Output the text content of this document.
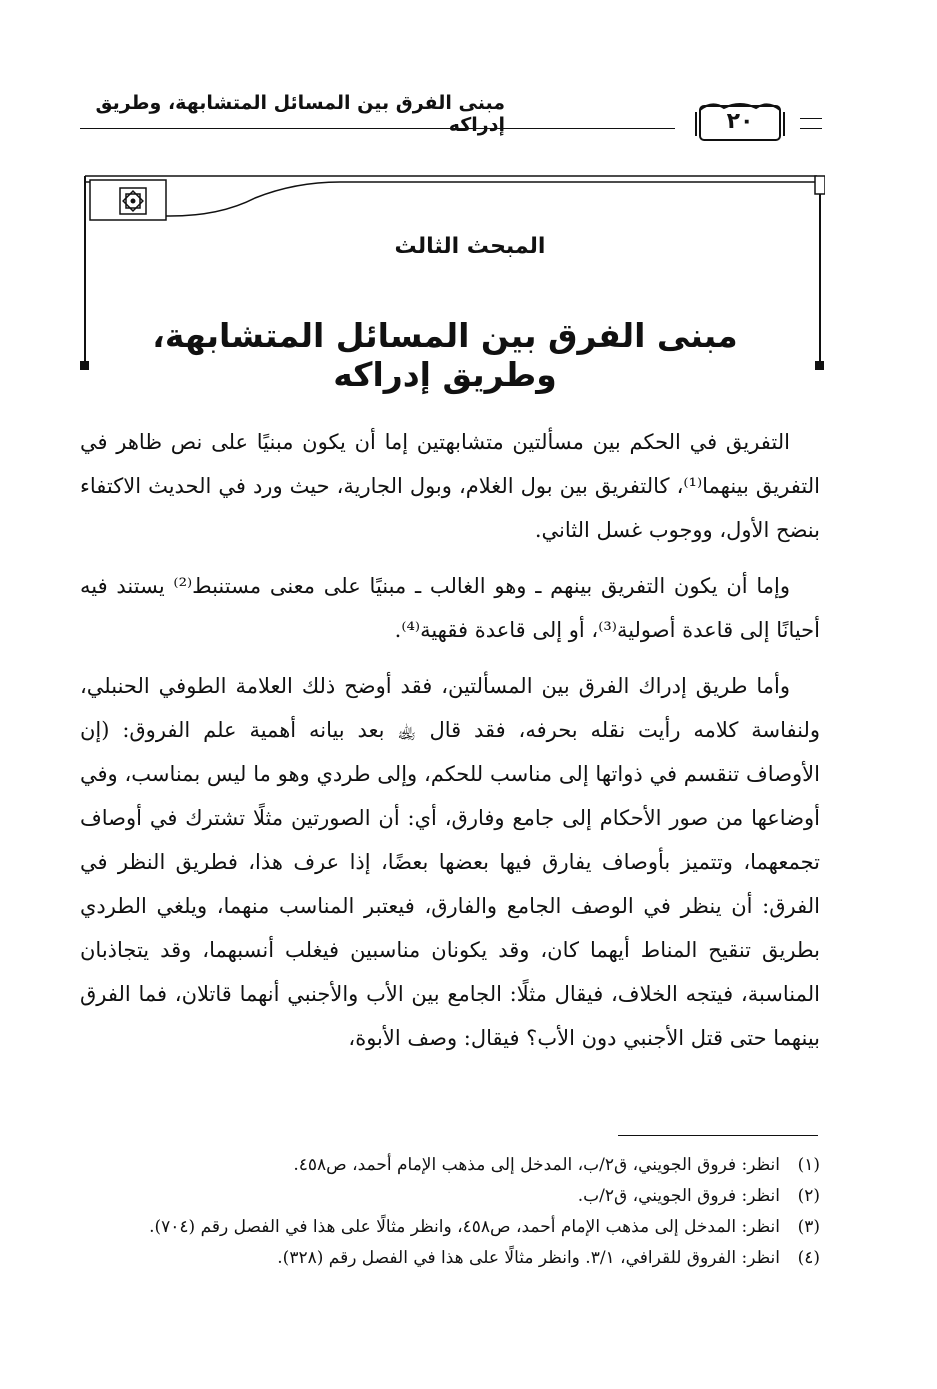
مبنى الفرق بين المسائل المتشابهة، وطريق إدراكه	٢٠
المبحث الثالث
مبنى الفرق بين المسائل المتشابهة، وطريق إدراكه

التفريق في الحكم بين مسألتين متشابهتين إما أن يكون مبنيًا على نص ظاهر في التفريق بينهما⁽¹⁾، كالتفريق بين بول الغلام، وبول الجارية، حيث ورد في الحديث الاكتفاء بنضح الأول، ووجوب غسل الثاني.

وإما أن يكون التفريق بينهم ـ وهو الغالب ـ مبنيًا على معنى مستنبط⁽²⁾ يستند فيه أحيانًا إلى قاعدة أصولية⁽³⁾، أو إلى قاعدة فقهية⁽⁴⁾.

وأما طريق إدراك الفرق بين المسألتين، فقد أوضح ذلك العلامة الطوفي الحنبلي، ولنفاسة كلامه رأيت نقله بحرفه، فقد قال ﵀ بعد بيانه أهمية علم الفروق: (إن الأوصاف تنقسم في ذواتها إلى مناسب للحكم، وإلى طردي وهو ما ليس بمناسب، وفي أوضاعها من صور الأحكام إلى جامع وفارق، أي: أن الصورتين مثلًا تشترك في أوصاف تجمعهما، وتتميز بأوصاف يفارق فيها بعضها بعضًا، إذا عرف هذا، فطريق النظر في الفرق: أن ينظر في الوصف الجامع والفارق، فيعتبر المناسب منهما، ويلغي الطردي بطريق تنقيح المناط أيهما كان، وقد يكونان مناسبين فيغلب أنسبهما، وقد يتجاذبان المناسبة، فيتجه الخلاف، فيقال مثلًا: الجامع بين الأب والأجنبي أنهما قاتلان، فما الفرق بينهما حتى قتل الأجنبي دون الأب؟ فيقال: وصف الأبوة،

(١)
انظر: فروق الجويني، ق٢/ب، المدخل إلى مذهب الإمام أحمد، ص٤٥٨.
(٢)
انظر: فروق الجويني، ق٢/ب.
(٣)
انظر: المدخل إلى مذهب الإمام أحمد، ص٤٥٨، وانظر مثالًا على هذا في الفصل رقم (٧٠٤).
(٤)
انظر: الفروق للقرافي، ٣/١. وانظر مثالًا على هذا في الفصل رقم (٣٢٨).
